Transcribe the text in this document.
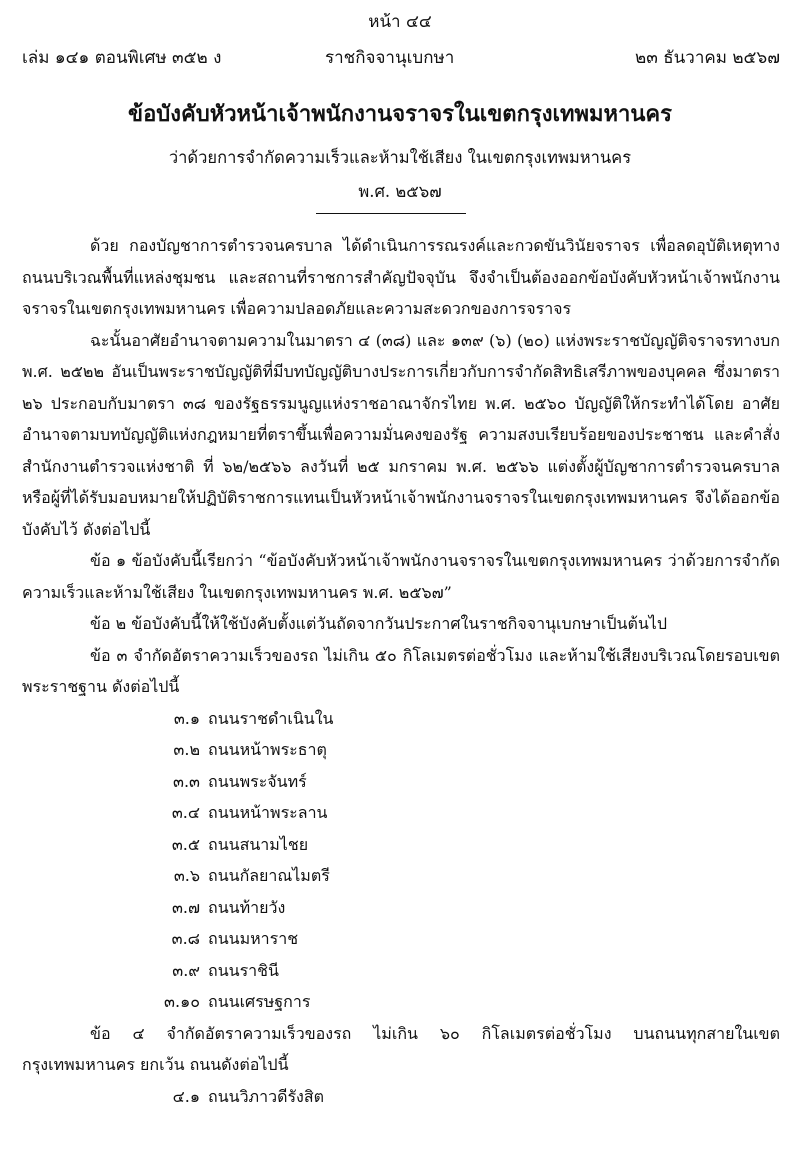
หน้า ๔๔
เล่ม ๑๔๑ ตอนพิเศษ ๓๕๒ ง	ราชกิจจานุเบกษา	๒๓ ธันวาคม ๒๕๖๗
ข้อบังคับหัวหน้าเจ้าพนักงานจราจรในเขตกรุงเทพมหานคร
ว่าด้วยการจำกัดความเร็วและห้ามใช้เสียง ในเขตกรุงเทพมหานคร
พ.ศ. ๒๕๖๗

ด้วย กองบัญชาการตำรวจนครบาล ได้ดำเนินการรณรงค์และกวดขันวินัยจราจร เพื่อลดอุบัติเหตุทางถนนบริเวณพื้นที่แหล่งชุมชน และสถานที่ราชการสำคัญปัจจุบัน จึงจำเป็นต้องออกข้อบังคับหัวหน้าเจ้าพนักงานจราจรในเขตกรุงเทพมหานคร เพื่อความปลอดภัยและความสะดวกของการจราจร

ฉะนั้นอาศัยอำนาจตามความในมาตรา ๔ (๓๘) และ ๑๓๙ (๖) (๒๐) แห่งพระราชบัญญัติจราจรทางบก พ.ศ. ๒๕๒๒ อันเป็นพระราชบัญญัติที่มีบทบัญญัติบางประการเกี่ยวกับการจำกัดสิทธิเสรีภาพของบุคคล ซึ่งมาตรา ๒๖ ประกอบกับมาตรา ๓๘ ของรัฐธรรมนูญแห่งราชอาณาจักรไทย พ.ศ. ๒๕๖๐ บัญญัติให้กระทำได้โดย อาศัยอำนาจตามบทบัญญัติแห่งกฎหมายที่ตราขึ้นเพื่อความมั่นคงของรัฐ ความสงบเรียบร้อยของประชาชน และคำสั่งสำนักงานตำรวจแห่งชาติ ที่ ๖๒/๒๕๖๖ ลงวันที่ ๒๕ มกราคม พ.ศ. ๒๕๖๖ แต่งตั้งผู้บัญชาการตำรวจนครบาล หรือผู้ที่ได้รับมอบหมายให้ปฏิบัติราชการแทนเป็นหัวหน้าเจ้าพนักงานจราจรในเขตกรุงเทพมหานคร จึงได้ออกข้อบังคับไว้ ดังต่อไปนี้

ข้อ ๑ ข้อบังคับนี้เรียกว่า “ข้อบังคับหัวหน้าเจ้าพนักงานจราจรในเขตกรุงเทพมหานคร ว่าด้วยการจำกัดความเร็วและห้ามใช้เสียง ในเขตกรุงเทพมหานคร พ.ศ. ๒๕๖๗”

ข้อ ๒ ข้อบังคับนี้ให้ใช้บังคับตั้งแต่วันถัดจากวันประกาศในราชกิจจานุเบกษาเป็นต้นไป

ข้อ ๓ จำกัดอัตราความเร็วของรถ ไม่เกิน ๕๐ กิโลเมตรต่อชั่วโมง และห้ามใช้เสียงบริเวณโดยรอบเขตพระราชฐาน ดังต่อไปนี้

๓.๑ ถนนราชดำเนินใน
๓.๒ ถนนหน้าพระธาตุ
๓.๓ ถนนพระจันทร์
๓.๔ ถนนหน้าพระลาน
๓.๕ ถนนสนามไชย
๓.๖ ถนนกัลยาณไมตรี
๓.๗ ถนนท้ายวัง
๓.๘ ถนนมหาราช
๓.๙ ถนนราชินี
๓.๑๐ ถนนเศรษฐการ

ข้อ ๔ จำกัดอัตราความเร็วของรถ ไม่เกิน ๖๐ กิโลเมตรต่อชั่วโมง บนถนนทุกสายในเขตกรุงเทพมหานคร ยกเว้น ถนนดังต่อไปนี้

๔.๑ ถนนวิภาวดีรังสิต
